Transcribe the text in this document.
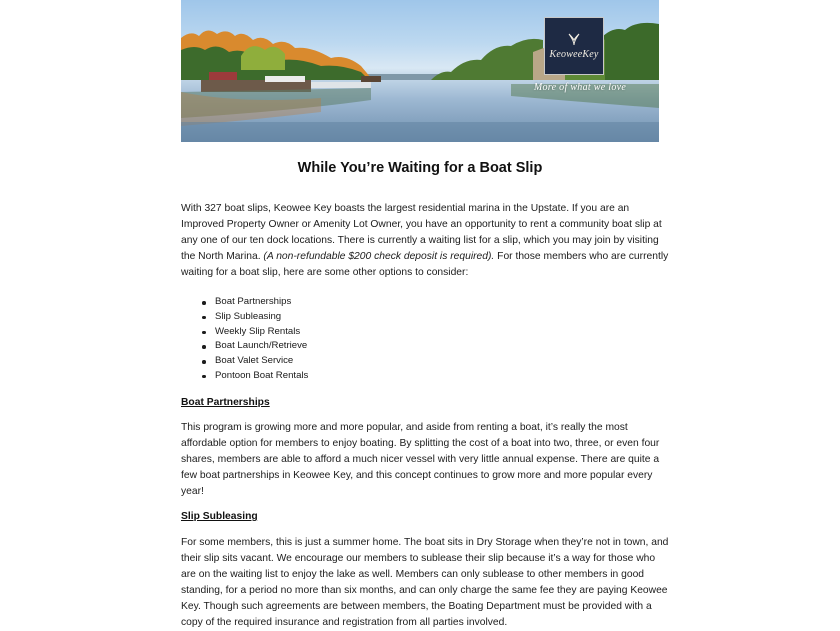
KeoweeKey
More of what we love
While You’re Waiting for a Boat Slip

With 327 boat slips, Keowee Key boasts the largest residential marina in the Upstate. If you are an Improved Property Owner or Amenity Lot Owner, you have an opportunity to rent a community boat slip at any one of our ten dock locations. There is currently a waiting list for a slip, which you may join by visiting the North Marina. (A non-refundable $200 check deposit is required). For those members who are currently waiting for a boat slip, here are some other options to consider:

Boat Partnerships
Slip Subleasing
Weekly Slip Rentals
Boat Launch/Retrieve
Boat Valet Service
Pontoon Boat Rentals
Boat Partnerships

This program is growing more and more popular, and aside from renting a boat, it’s really the most affordable option for members to enjoy boating. By splitting the cost of a boat into two, three, or even four shares, members are able to afford a much nicer vessel with very little annual expense. There are quite a few boat partnerships in Keowee Key, and this concept continues to grow more and more popular every year!

Slip Subleasing

For some members, this is just a summer home. The boat sits in Dry Storage when they’re not in town, and their slip sits vacant. We encourage our members to sublease their slip because it’s a way for those who are on the waiting list to enjoy the lake as well. Members can only sublease to other members in good standing, for a period no more than six months, and can only charge the same fee they are paying Keowee Key. Though such agreements are between members, the Boating Department must be provided with a copy of the required insurance and registration from all parties involved.
